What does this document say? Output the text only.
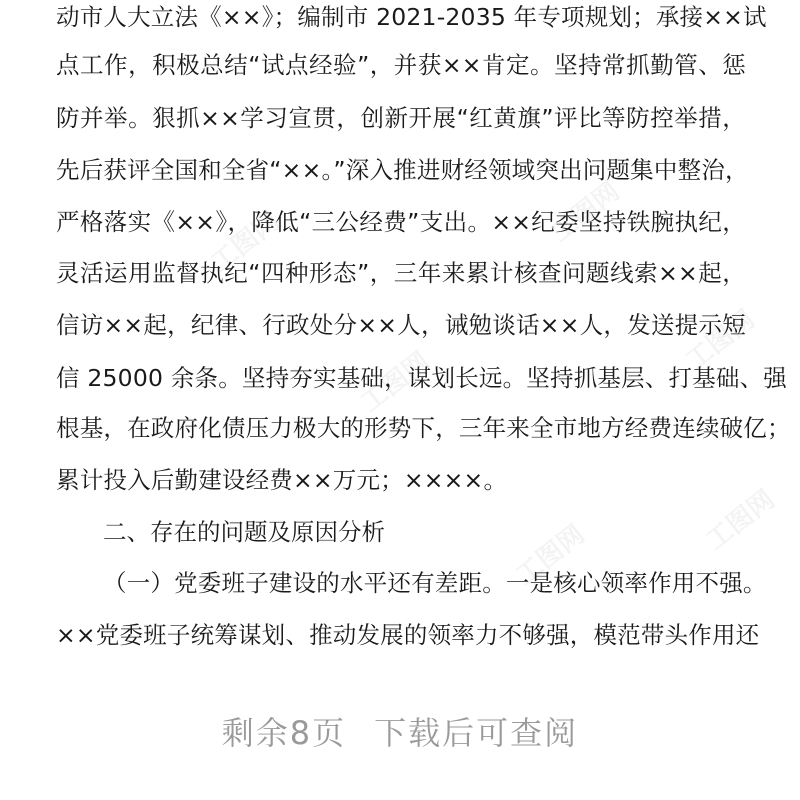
动市人大立法《××》；编制市 2021-2035 年专项规划；承接××试
点工作，积极总结“试点经验”，并获××肯定。坚持常抓勤管、惩
防并举。狠抓××学习宣贯，创新开展“红黄旗”评比等防控举措，
先后获评全国和全省“××。”深入推进财经领域突出问题集中整治，
严格落实《××》，降低“三公经费”支出。××纪委坚持铁腕执纪，
灵活运用监督执纪“四种形态”，三年来累计核查问题线索××起，
信访××起，纪律、行政处分××人，诫勉谈话××人，发送提示短
信 25000 余条。坚持夯实基础，谋划长远。坚持抓基层、打基础、强
根基，在政府化债压力极大的形势下，三年来全市地方经费连续破亿；
累计投入后勤建设经费××万元；××××。
二、存在的问题及原因分析
（一）党委班子建设的水平还有差距。一是核心领率作用不强。
××党委班子统筹谋划、推动发展的领率力不够强，模范带头作用还
剩余8页 下载后可查阅
